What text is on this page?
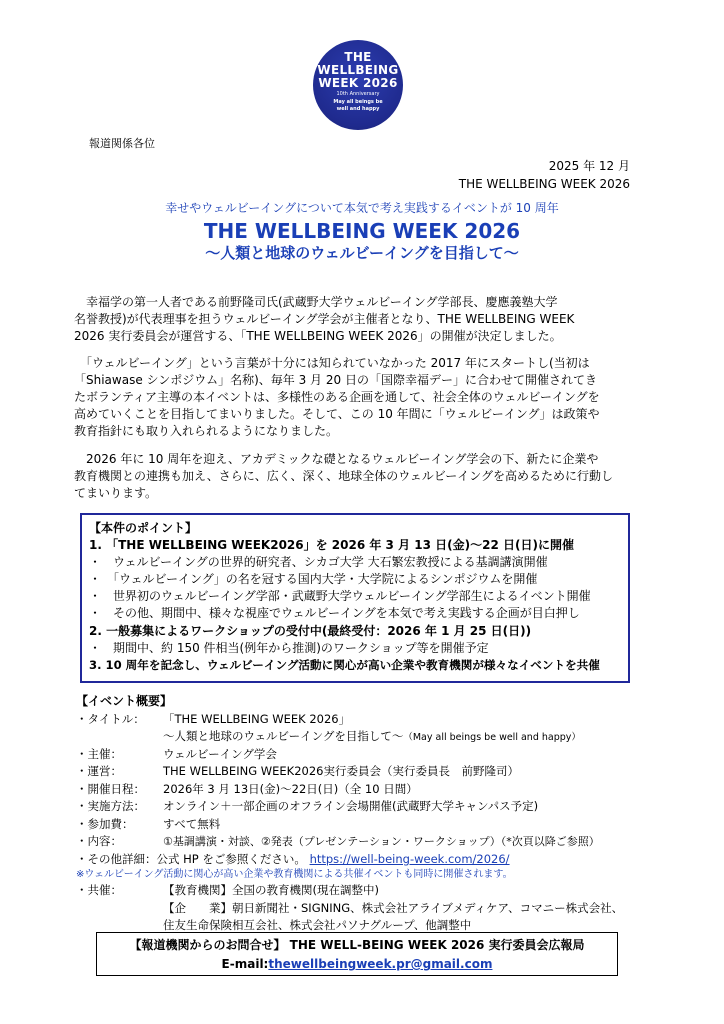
THE
WELLBEING
WEEK 2026
10th Anniversary
May all beings be
well and happy
報道関係各位
2025 年 12 月
THE WELLBEING WEEK 2026
幸せやウェルビーイングについて本気で考え実践するイベントが 10 周年
THE WELLBEING WEEK 2026
～人類と地球のウェルビーイングを目指して～
　幸福学の第一人者である前野隆司氏(武蔵野大学ウェルビーイング学部長、慶應義塾大学
名誉教授)が代表理事を担うウェルビーイング学会が主催者となり、THE WELLBEING WEEK
2026 実行委員会が運営する、「THE WELLBEING WEEK 2026」の開催が決定しました。
　「ウェルビーイング」という言葉が十分には知られていなかった 2017 年にスタートし(当初は
「Shiawase シンポジウム」名称)、毎年 3 月 20 日の「国際幸福デー」に合わせて開催されてき
たボランティア主導の本イベントは、多様性のある企画を通して、社会全体のウェルビーイングを
高めていくことを目指してまいりました。そして、この 10 年間に「ウェルビーイング」は政策や
教育指針にも取り入れられるようになりました。
　2026 年に 10 周年を迎え、アカデミックな礎となるウェルビーイング学会の下、新たに企業や
教育機関との連携も加え、さらに、広く、深く、地球全体のウェルビーイングを高めるために行動し
てまいります。
【本件のポイント】
1. 「THE WELLBEING WEEK2026」を 2026 年 3 月 13 日(金)～22 日(日)に開催
・　ウェルビーイングの世界的研究者、シカゴ大学 大石繁宏教授による基調講演開催
・　「ウェルビーイング」の名を冠する国内大学・大学院によるシンポジウムを開催
・　世界初のウェルビーイング学部・武蔵野大学ウェルビーイング学部生によるイベント開催
・　その他、期間中、様々な視座でウェルビーイングを本気で考え実践する企画が目白押し
2. 一般募集によるワークショップの受付中(最終受付：2026 年 1 月 25 日(日))
・　期間中、約 150 件相当(例年から推測)のワークショップ等を開催予定
3. 10 周年を記念し、ウェルビーイング活動に関心が高い企業や教育機関が様々なイベントを共催
【イベント概要】
・タイトル： 「THE WELLBEING WEEK 2026」
～人類と地球のウェルビーイングを目指して～（May all beings be well and happy）
・主催：	ウェルビーイング学会
・運営：	THE WELLBEING WEEK2026実行委員会（実行委員長　前野隆司）
・開催日程： 2026年 3 月 13日(金)～22日(日)（全 10 日間）
・実施方法： オンライン＋一部企画のオフライン会場開催(武蔵野大学キャンパス予定)
・参加費：	すべて無料
・内容：	①基調講演・対談、②発表（プレゼンテーション・ワークショップ）（*次頁以降ご参照）
・その他詳細：公式 HP をご参照ください。 https://well-being-week.com/2026/
※ウェルビーイング活動に関心が高い企業や教育機関による共催イベントも同時に開催されます。
・共催：	【教育機関】全国の教育機関(現在調整中)
【企　　業】朝日新聞社・SIGNING、株式会社アライブメディケア、コマニー株式会社、
住友生命保険相互会社、株式会社パソナグループ、他調整中
【報道機関からのお問合せ】 THE WELL-BEING WEEK 2026 実行委員会広報局
E-mail:thewellbeingweek.pr@gmail.com
